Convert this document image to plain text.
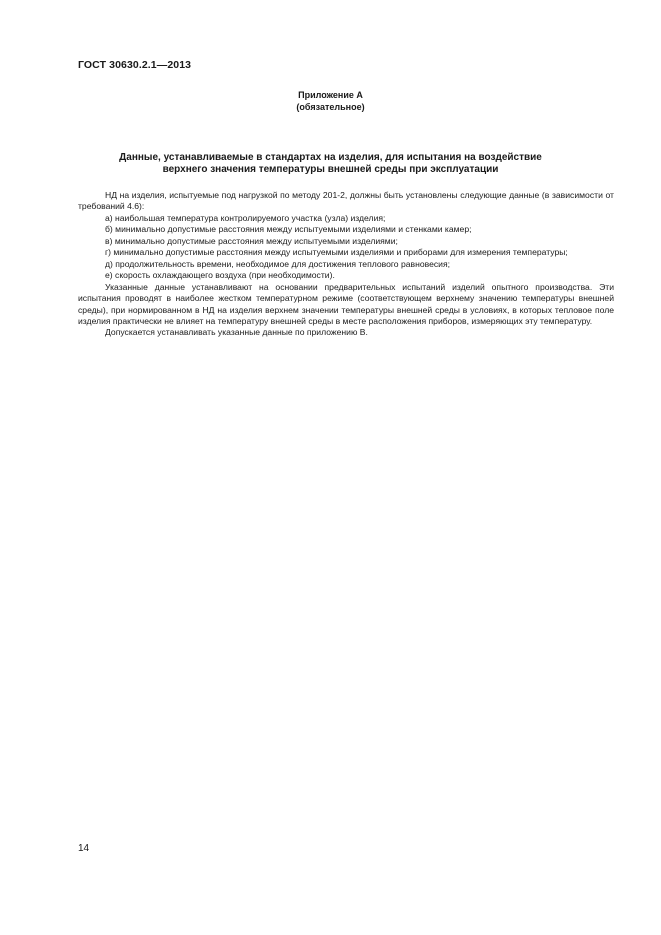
ГОСТ 30630.2.1—2013
Приложение А
(обязательное)
Данные, устанавливаемые в стандартах на изделия, для испытания на воздействие
верхнего значения температуры внешней среды при эксплуатации

НД на изделия, испытуемые под нагрузкой по методу 201-2, должны быть установлены следующие данные (в зависимости от требований 4.6):

а) наибольшая температура контролируемого участка (узла) изделия;

б) минимально допустимые расстояния между испытуемыми изделиями и стенками камер;

в) минимально допустимые расстояния между испытуемыми изделиями;

г) минимально допустимые расстояния между испытуемыми изделиями и приборами для измерения температуры;

д) продолжительность времени, необходимое для достижения теплового равновесия;

е) скорость охлаждающего воздуха (при необходимости).

Указанные данные устанавливают на основании предварительных испытаний изделий опытного производства. Эти испытания проводят в наиболее жестком температурном режиме (соответствующем верхнему значению температуры внешней среды), при нормированном в НД на изделия верхнем значении температуры внешней среды в условиях, в которых тепловое поле изделия практически не влияет на температуру внешней среды в месте расположения приборов, измеряющих эту температуру.

Допускается устанавливать указанные данные по приложению В.

14
